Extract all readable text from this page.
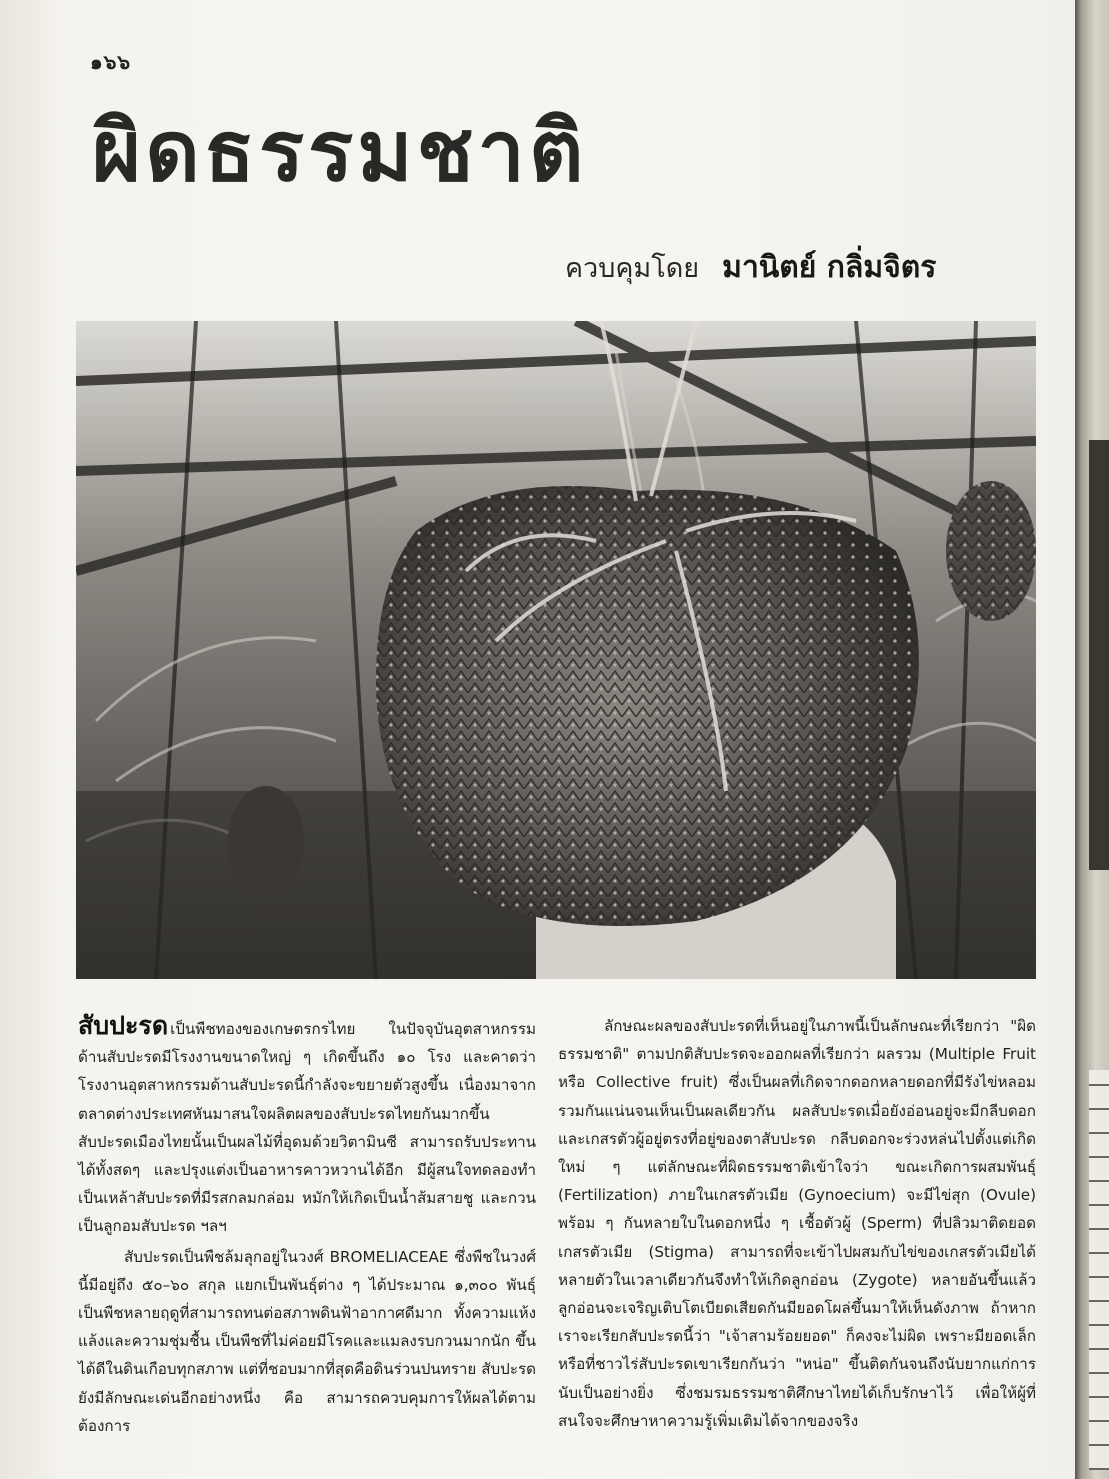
๑๖๖
ผิดธรรมชาติ
ควบคุมโดย มานิตย์ กลิ่มจิตร

สับปะรด เป็นพืชทองของเกษตรกรไทย ในปัจจุบันอุตสาหกรรมด้านสับปะรดมีโรงงานขนาดใหญ่ ๆ เกิดขึ้นถึง ๑๐ โรง และคาดว่าโรงงานอุตสาหกรรมด้านสับปะรดนี้กำลังจะขยายตัวสูงขึ้น เนื่องมาจากตลาดต่างประเทศหันมาสนใจผลิตผลของสับปะรดไทยกันมากขึ้น สับปะรดเมืองไทยนั้นเป็นผลไม้ที่อุดมด้วยวิตามินซี สามารถรับประทานได้ทั้งสดๆ และปรุงแต่งเป็นอาหารคาวหวานได้อีก มีผู้สนใจทดลองทำเป็นเหล้าสับปะรดที่มีรสกลมกล่อม หมักให้เกิดเป็นน้ำส้มสายชู และกวนเป็นลูกอมสับปะรด ฯลฯ

สับปะรดเป็นพืชล้มลุกอยู่ในวงศ์ BROMELIACEAE ซึ่งพืชในวงศ์นี้มีอยู่ถึง ๕๐–๖๐ สกุล แยกเป็นพันธุ์ต่าง ๆ ได้ประมาณ ๑,๓๐๐ พันธุ์ เป็นพืชหลายฤดูที่สามารถทนต่อสภาพดินฟ้าอากาศดีมาก ทั้งความแห้งแล้งและความชุ่มชื้น เป็นพืชที่ไม่ค่อยมีโรคและแมลงรบกวนมากนัก ขึ้นได้ดีในดินเกือบทุกสภาพ แต่ที่ชอบมากที่สุดคือดินร่วนปนทราย สับปะรดยังมีลักษณะเด่นอีกอย่างหนึ่ง คือ สามารถควบคุมการให้ผลได้ตามต้องการ

ลักษณะผลของสับปะรดที่เห็นอยู่ในภาพนี้เป็นลักษณะที่เรียกว่า "ผิดธรรมชาติ" ตามปกติสับปะรดจะออกผลที่เรียกว่า ผลรวม (Multiple Fruit หรือ Collective fruit) ซึ่งเป็นผลที่เกิดจากดอกหลายดอกที่มีรังไข่หลอมรวมกันแน่นจนเห็นเป็นผลเดียวกัน ผลสับปะรดเมื่อยังอ่อนอยู่จะมีกลีบดอกและเกสรตัวผู้อยู่ตรงที่อยู่ของตาสับปะรด กลีบดอกจะร่วงหล่นไปตั้งแต่เกิดใหม่ ๆ แต่ลักษณะที่ผิดธรรมชาติเข้าใจว่า ขณะเกิดการผสมพันธุ์ (Fertilization) ภายในเกสรตัวเมีย (Gynoecium) จะมีไข่สุก (Ovule) พร้อม ๆ กันหลายใบในดอกหนึ่ง ๆ เชื้อตัวผู้ (Sperm) ที่ปลิวมาติดยอดเกสรตัวเมีย (Stigma) สามารถที่จะเข้าไปผสมกับไข่ของเกสรตัวเมียได้หลายตัวในเวลาเดียวกันจึงทำให้เกิดลูกอ่อน (Zygote) หลายอันขึ้นแล้วลูกอ่อนจะเจริญเติบโตเบียดเสียดกันมียอดโผล่ขึ้นมาให้เห็นดังภาพ ถ้าหากเราจะเรียกสับปะรดนี้ว่า "เจ้าสามร้อยยอด" ก็คงจะไม่ผิด เพราะมียอดเล็กหรือที่ชาวไร่สับปะรดเขาเรียกกันว่า "หน่อ" ขึ้นติดกันจนถึงนับยากแก่การนับเป็นอย่างยิ่ง ซึ่งชมรมธรรมชาติศึกษาไทยได้เก็บรักษาไว้ เพื่อให้ผู้ที่สนใจจะศึกษาหาความรู้เพิ่มเติมได้จากของจริง
